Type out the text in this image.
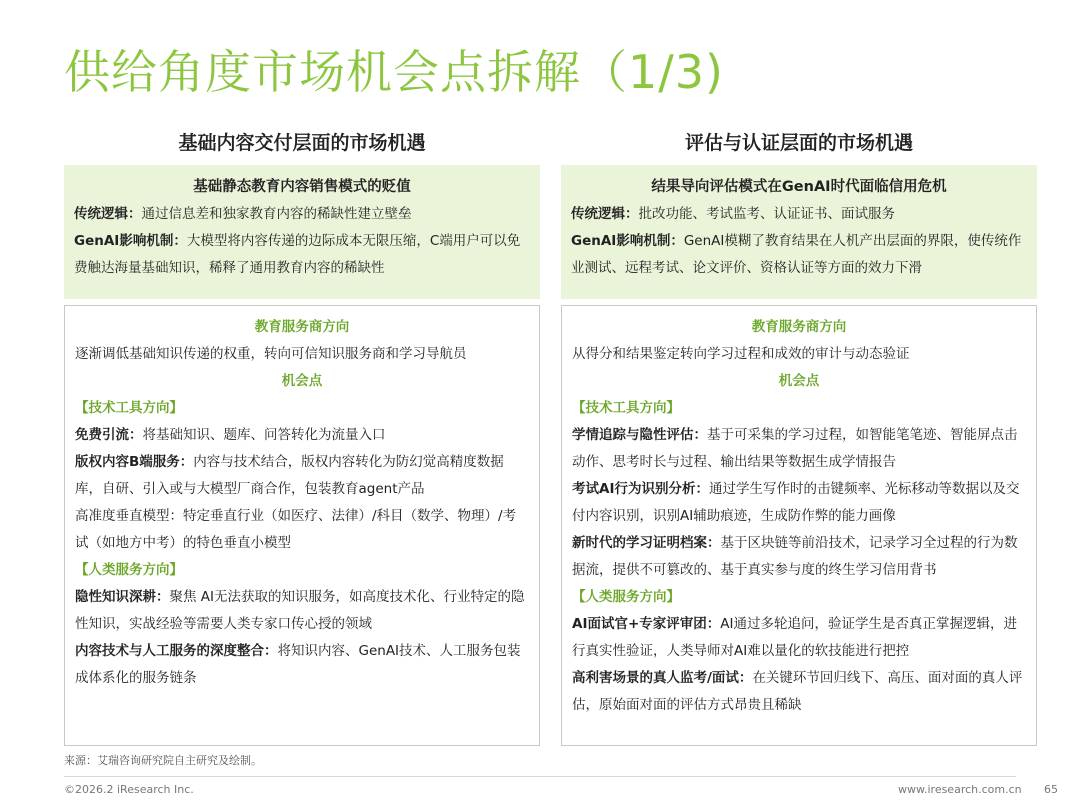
供给角度市场机会点拆解（1/3)
基础内容交付层面的市场机遇
基础静态教育内容销售模式的贬值
传统逻辑：通过信息差和独家教育内容的稀缺性建立壁垒
GenAI影响机制：大模型将内容传递的边际成本无限压缩，C端用户可以免费触达海量基础知识，稀释了通用教育内容的稀缺性
教育服务商方向
逐渐调低基础知识传递的权重，转向可信知识服务商和学习导航员
机会点
【技术工具方向】
免费引流：将基础知识、题库、问答转化为流量入口
版权内容B端服务：内容与技术结合，版权内容转化为防幻觉高精度数据库，自研、引入或与大模型厂商合作，包装教育agent产品
高准度垂直模型：特定垂直行业（如医疗、法律）/科目（数学、物理）/考试（如地方中考）的特色垂直小模型
【人类服务方向】
隐性知识深耕：聚焦 AI无法获取的知识服务，如高度技术化、行业特定的隐性知识，实战经验等需要人类专家口传心授的领域
内容技术与人工服务的深度整合：将知识内容、GenAI技术、人工服务包装成体系化的服务链条
评估与认证层面的市场机遇
结果导向评估模式在GenAI时代面临信用危机
传统逻辑：批改功能、考试监考、认证证书、面试服务
GenAI影响机制：GenAI模糊了教育结果在人机产出层面的界限，使传统作业测试、远程考试、论文评价、资格认证等方面的效力下滑
教育服务商方向
从得分和结果鉴定转向学习过程和成效的审计与动态验证
机会点
【技术工具方向】
学情追踪与隐性评估：基于可采集的学习过程，如智能笔笔迹、智能屏点击动作、思考时长与过程、输出结果等数据生成学情报告
考试AI行为识别分析：通过学生写作时的击键频率、光标移动等数据以及交付内容识别，识别AI辅助痕迹，生成防作弊的能力画像
新时代的学习证明档案：基于区块链等前沿技术，记录学习全过程的行为数据流，提供不可篡改的、基于真实参与度的终生学习信用背书
【人类服务方向】
AI面试官+专家评审团：AI通过多轮追问，验证学生是否真正掌握逻辑，进行真实性验证，人类导师对AI难以量化的软技能进行把控
高利害场景的真人监考/面试：在关键环节回归线下、高压、面对面的真人评估，原始面对面的评估方式昂贵且稀缺
来源：艾瑞咨询研究院自主研究及绘制。
©2026.2 iResearch Inc.	www.iresearch.com.cn 65
